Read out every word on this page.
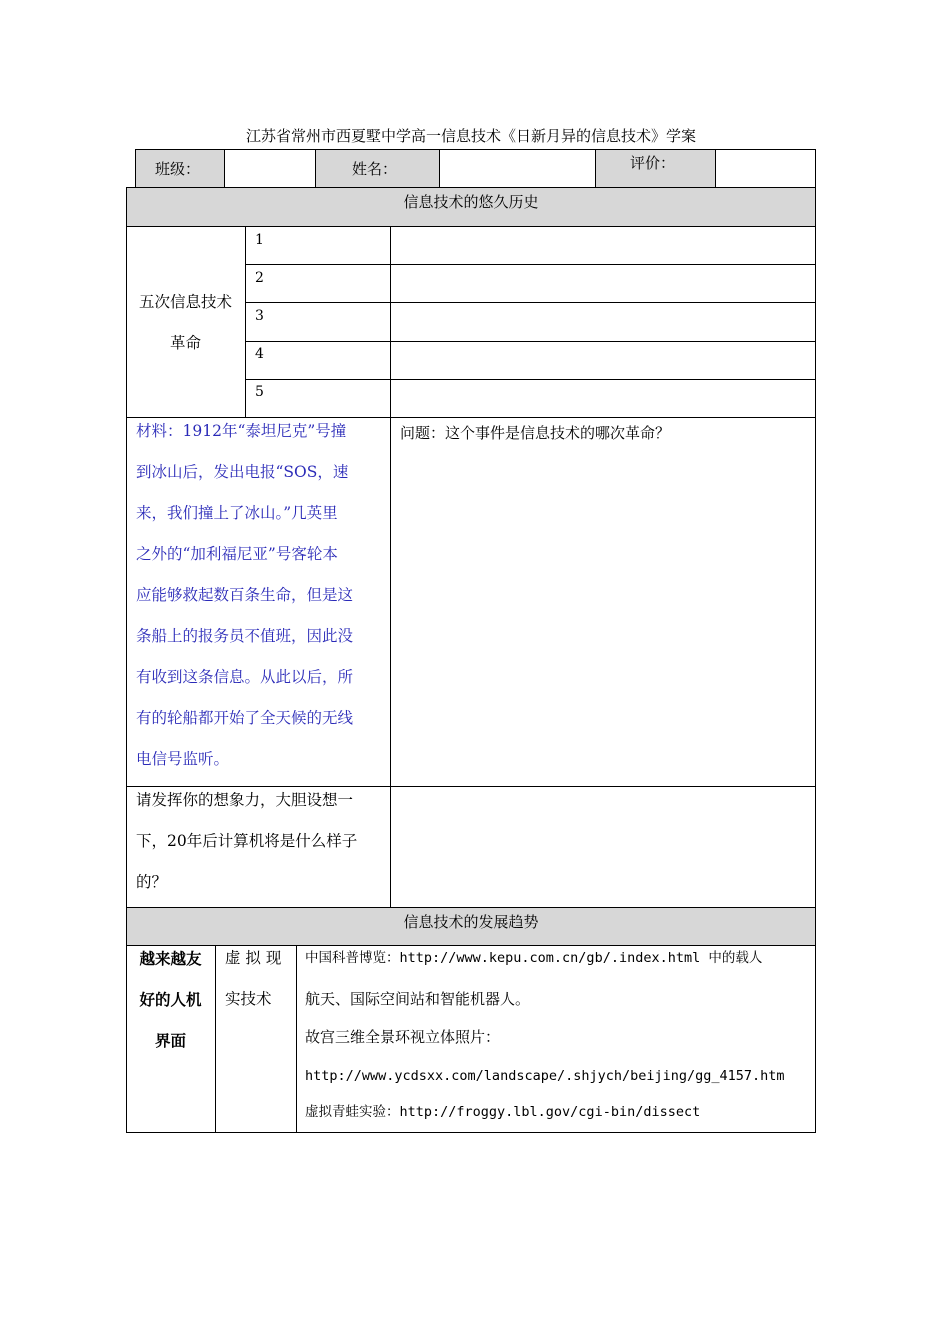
江苏省常州市西夏墅中学高一信息技术《日新月异的信息技术》学案
班级：	姓名：	评价：
信息技术的悠久历史
五次信息技术
革命
1
2
3
4
5
材料：1912年“泰坦尼克”号撞
到冰山后，发出电报“SOS，速
来，我们撞上了冰山。”几英里
之外的“加利福尼亚”号客轮本
应能够救起数百条生命，但是这
条船上的报务员不值班，因此没
有收到这条信息。从此以后，所
有的轮船都开始了全天候的无线
电信号监听。
问题：这个事件是信息技术的哪次革命？
请发挥你的想象力，大胆设想一
下，20年后计算机将是什么样子
的？
信息技术的发展趋势
越来越友
好的人机
界面
虚 拟 现
实技术
中国科普博览：http://www.kepu.com.cn/gb/.index.html 中的载人
航天、国际空间站和智能机器人。
故宫三维全景环视立体照片：
http://www.ycdsxx.com/landscape/.shjych/beijing/gg_4157.htm
虚拟青蛙实验：http://froggy.lbl.gov/cgi-bin/dissect
